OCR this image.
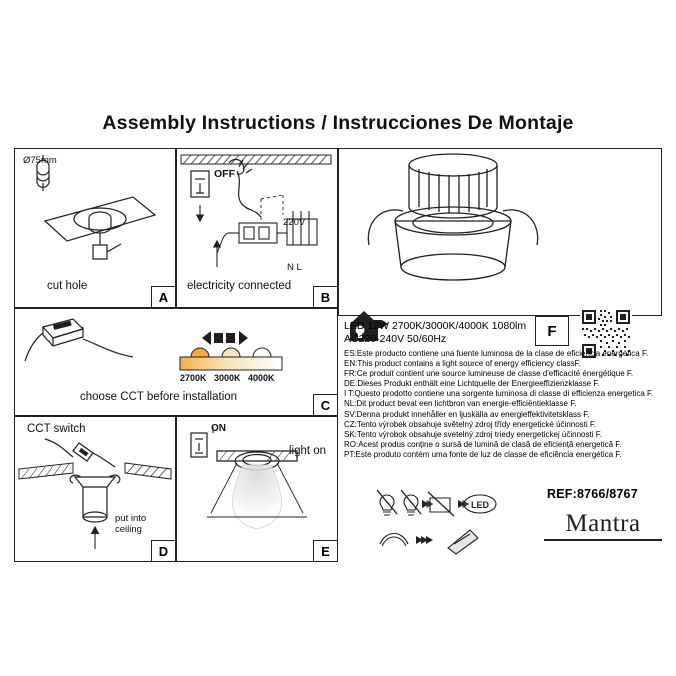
Assembly Instructions / Instrucciones De Montaje
Ø75mm
cut hole
A
OFF
220V
N L
electricity connected
B
2700K 3000K 4000K
choose CCT before installation
C
CCT switch
put into ceiling
D
ON
light on
E
F

LED 12W 2700K/3000K/4000K 1080lm

AC220-240V 50/60Hz

ES:Este producto contiene una fuente luminosa de la clase de eficiencia energética F.

EN:This product contains a light source of energy efficiency classF.

FR:Ce produit contient une source lumineuse de classe d'efficacité énergétique F.

DE:Dieses Produkt enthält eine Lichtquelle der Energieeffizienzklasse F.

I T:Questo prodotto contiene una sorgente luminosa di classe di efficienza energetica F.

NL:Dit product bevat een lichtbron van energie-efficiëntieklasse F.

SV:Denna produkt innehåller en ljuskälla av energieffektivitetsklass F.

CZ:Tento výrobek obsahuje světelný zdroj třídy energetické účinnosti F.

SK:Tento výrobok obsahuje svetelný zdroj triedy energetickej účinnosti F.

RO:Acest produs conține o sursă de lumină de clasă de eficiență energetică F.

PT:Este produto contém uma fonte de luz de classe de eficiência energética F.

REF:8766/8767
LED
Mantra
